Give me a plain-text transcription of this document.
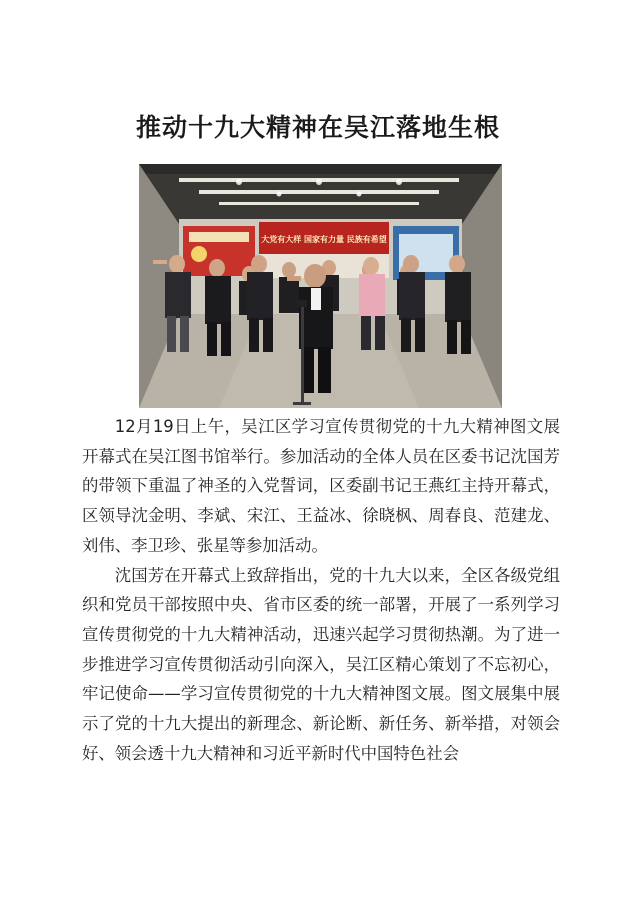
推动十九大精神在吴江落地生根
大党有大样 国家有力量 民族有希望

12月19日上午，吴江区学习宣传贯彻党的十九大精神图文展开幕式在吴江图书馆举行。参加活动的全体人员在区委书记沈国芳的带领下重温了神圣的入党誓词，区委副书记王燕红主持开幕式，区领导沈金明、李斌、宋江、王益冰、徐晓枫、周春良、范建龙、刘伟、李卫珍、张星等参加活动。

沈国芳在开幕式上致辞指出，党的十九大以来，全区各级党组织和党员干部按照中央、省市区委的统一部署，开展了一系列学习宣传贯彻党的十九大精神活动，迅速兴起学习贯彻热潮。为了进一步推进学习宣传贯彻活动引向深入，吴江区精心策划了不忘初心，牢记使命——学习宣传贯彻党的十九大精神图文展。图文展集中展示了党的十九大提出的新理念、新论断、新任务、新举措，对领会好、领会透十九大精神和习近平新时代中国特色社会
